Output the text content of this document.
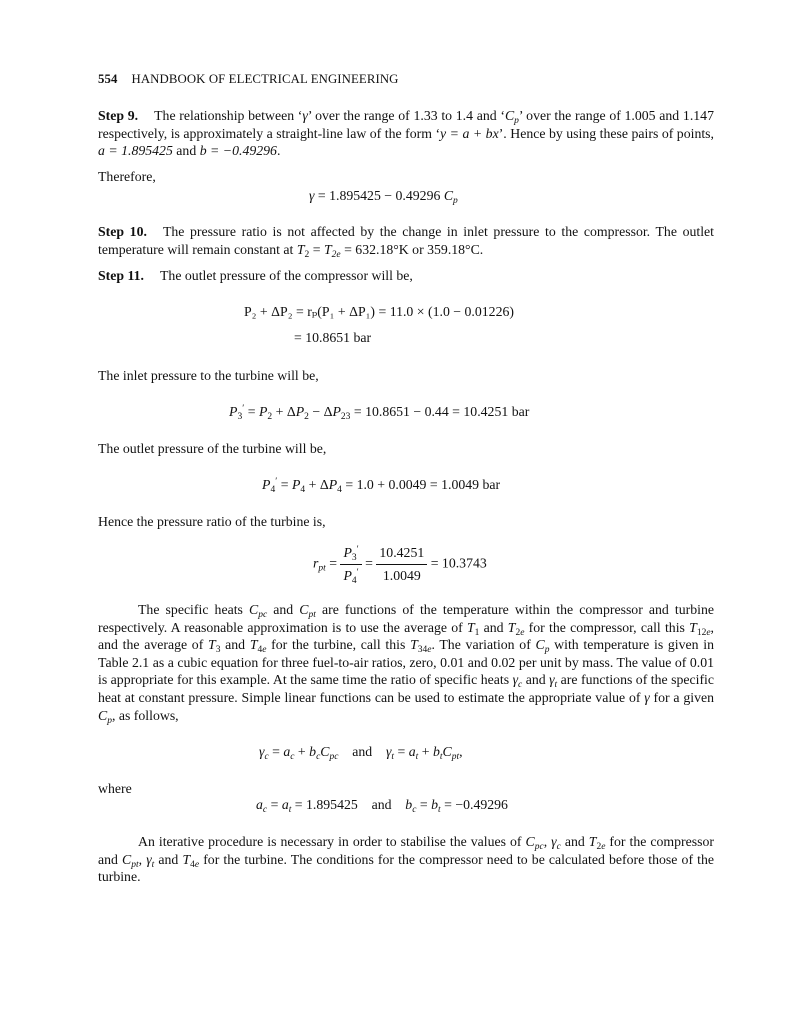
554 HANDBOOK OF ELECTRICAL ENGINEERING
Step 9. The relationship between ‘γ’ over the range of 1.33 to 1.4 and ‘$C_p$’ over the range of 1.005 and 1.147 respectively, is approximately a straight-line law of the form ‘y = a + bx’. Hence by using these pairs of points, a = 1.895425 and b = −0.49296.
Therefore,
γ = 1.895425 − 0.49296 $C_p$
Step 10. The pressure ratio is not affected by the change in inlet pressure to the compressor. The outlet temperature will remain constant at $T_2 = T_{2e} = 632.18^\circ K$ or 359.18°C.
Step 11. The outlet pressure of the compressor will be,
P₂ + ΔP₂ = rₚ(P₁ + ΔP₁) = 11.0 × (1.0 − 0.01226)
= 10.8651 bar
The inlet pressure to the turbine will be,
$P_3' = P_2 + \Delta P_2 - \Delta P_{23} = 10.8651 - 0.44 = 10.4251$ bar
The outlet pressure of the turbine will be,
$P_4' = P_4 + \Delta P_4 = 1.0 + 0.0049 = 1.0049$ bar
Hence the pressure ratio of the turbine is,
$r_{pt} = \frac{P_3'}{P_4'} = \frac{10.4251}{1.0049} = 10.3743$
The specific heats $C_{pc}$ and $C_{pt}$ are functions of the temperature within the compressor and turbine respectively. A reasonable approximation is to use the average of $T_1$ and $T_{2e}$ for the compressor, call this $T_{12e}$, and the average of $T_3$ and $T_{4e}$ for the turbine, call this $T_{34e}$. The variation of $C_p$ with temperature is given in Table 2.1 as a cubic equation for three fuel-to-air ratios, zero, 0.01 and 0.02 per unit by mass. The value of 0.01 is appropriate for this example. At the same time the ratio of specific heats $\gamma_c$ and $\gamma_t$ are functions of the specific heat at constant pressure. Simple linear functions can be used to estimate the appropriate value of γ for a given $C_p$, as follows,
$\gamma_c = a_c + b_cC_{pc}$ and $\gamma_t = a_t + b_tC_{pt}$,
where
$a_c = a_t = 1.895425$ and $b_c = b_t = -0.49296$
An iterative procedure is necessary in order to stabilise the values of $C_{pc}$, $\gamma_c$ and $T_{2e}$ for the compressor and $C_{pt}$, $\gamma_t$ and $T_{4e}$ for the turbine. The conditions for the compressor need to be calculated before those of the turbine.
